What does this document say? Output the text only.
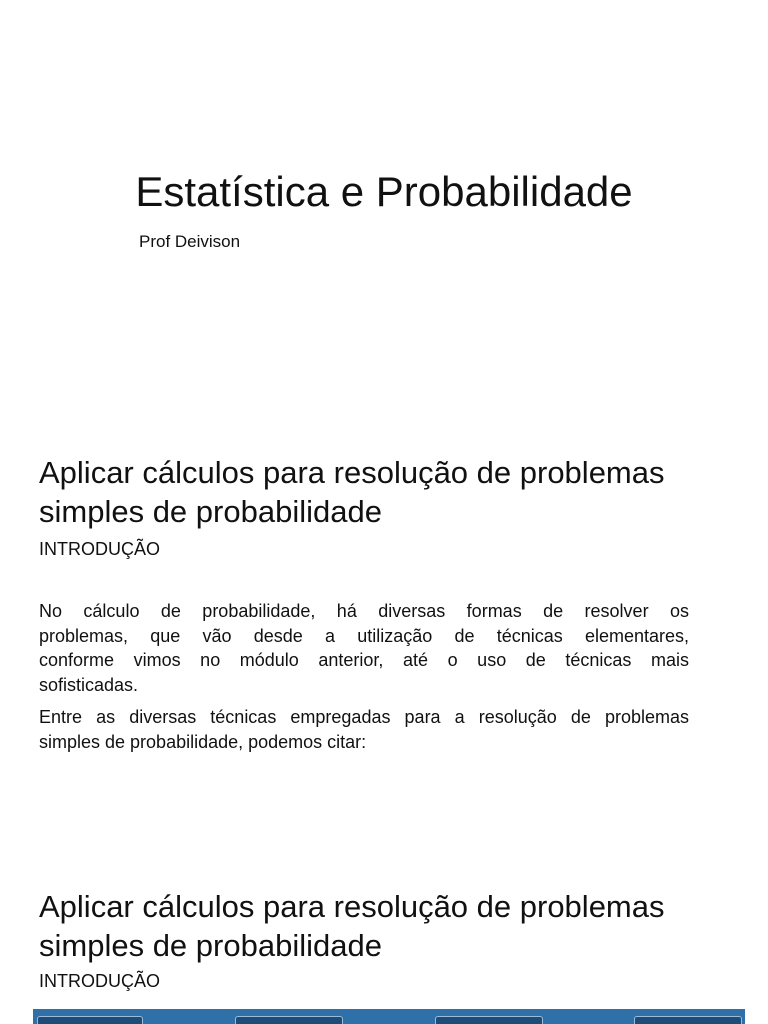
Estatística e Probabilidade
Prof Deivison
Aplicar cálculos para resolução de problemas simples de probabilidade
INTRODUÇÃO
No cálculo de probabilidade, há diversas formas de resolver os
problemas, que vão desde a utilização de técnicas elementares,
conforme vimos no módulo anterior, até o uso de técnicas mais
sofisticadas.
Entre as diversas técnicas empregadas para a resolução de problemas
simples de probabilidade, podemos citar:
Aplicar cálculos para resolução de problemas simples de probabilidade
INTRODUÇÃO
